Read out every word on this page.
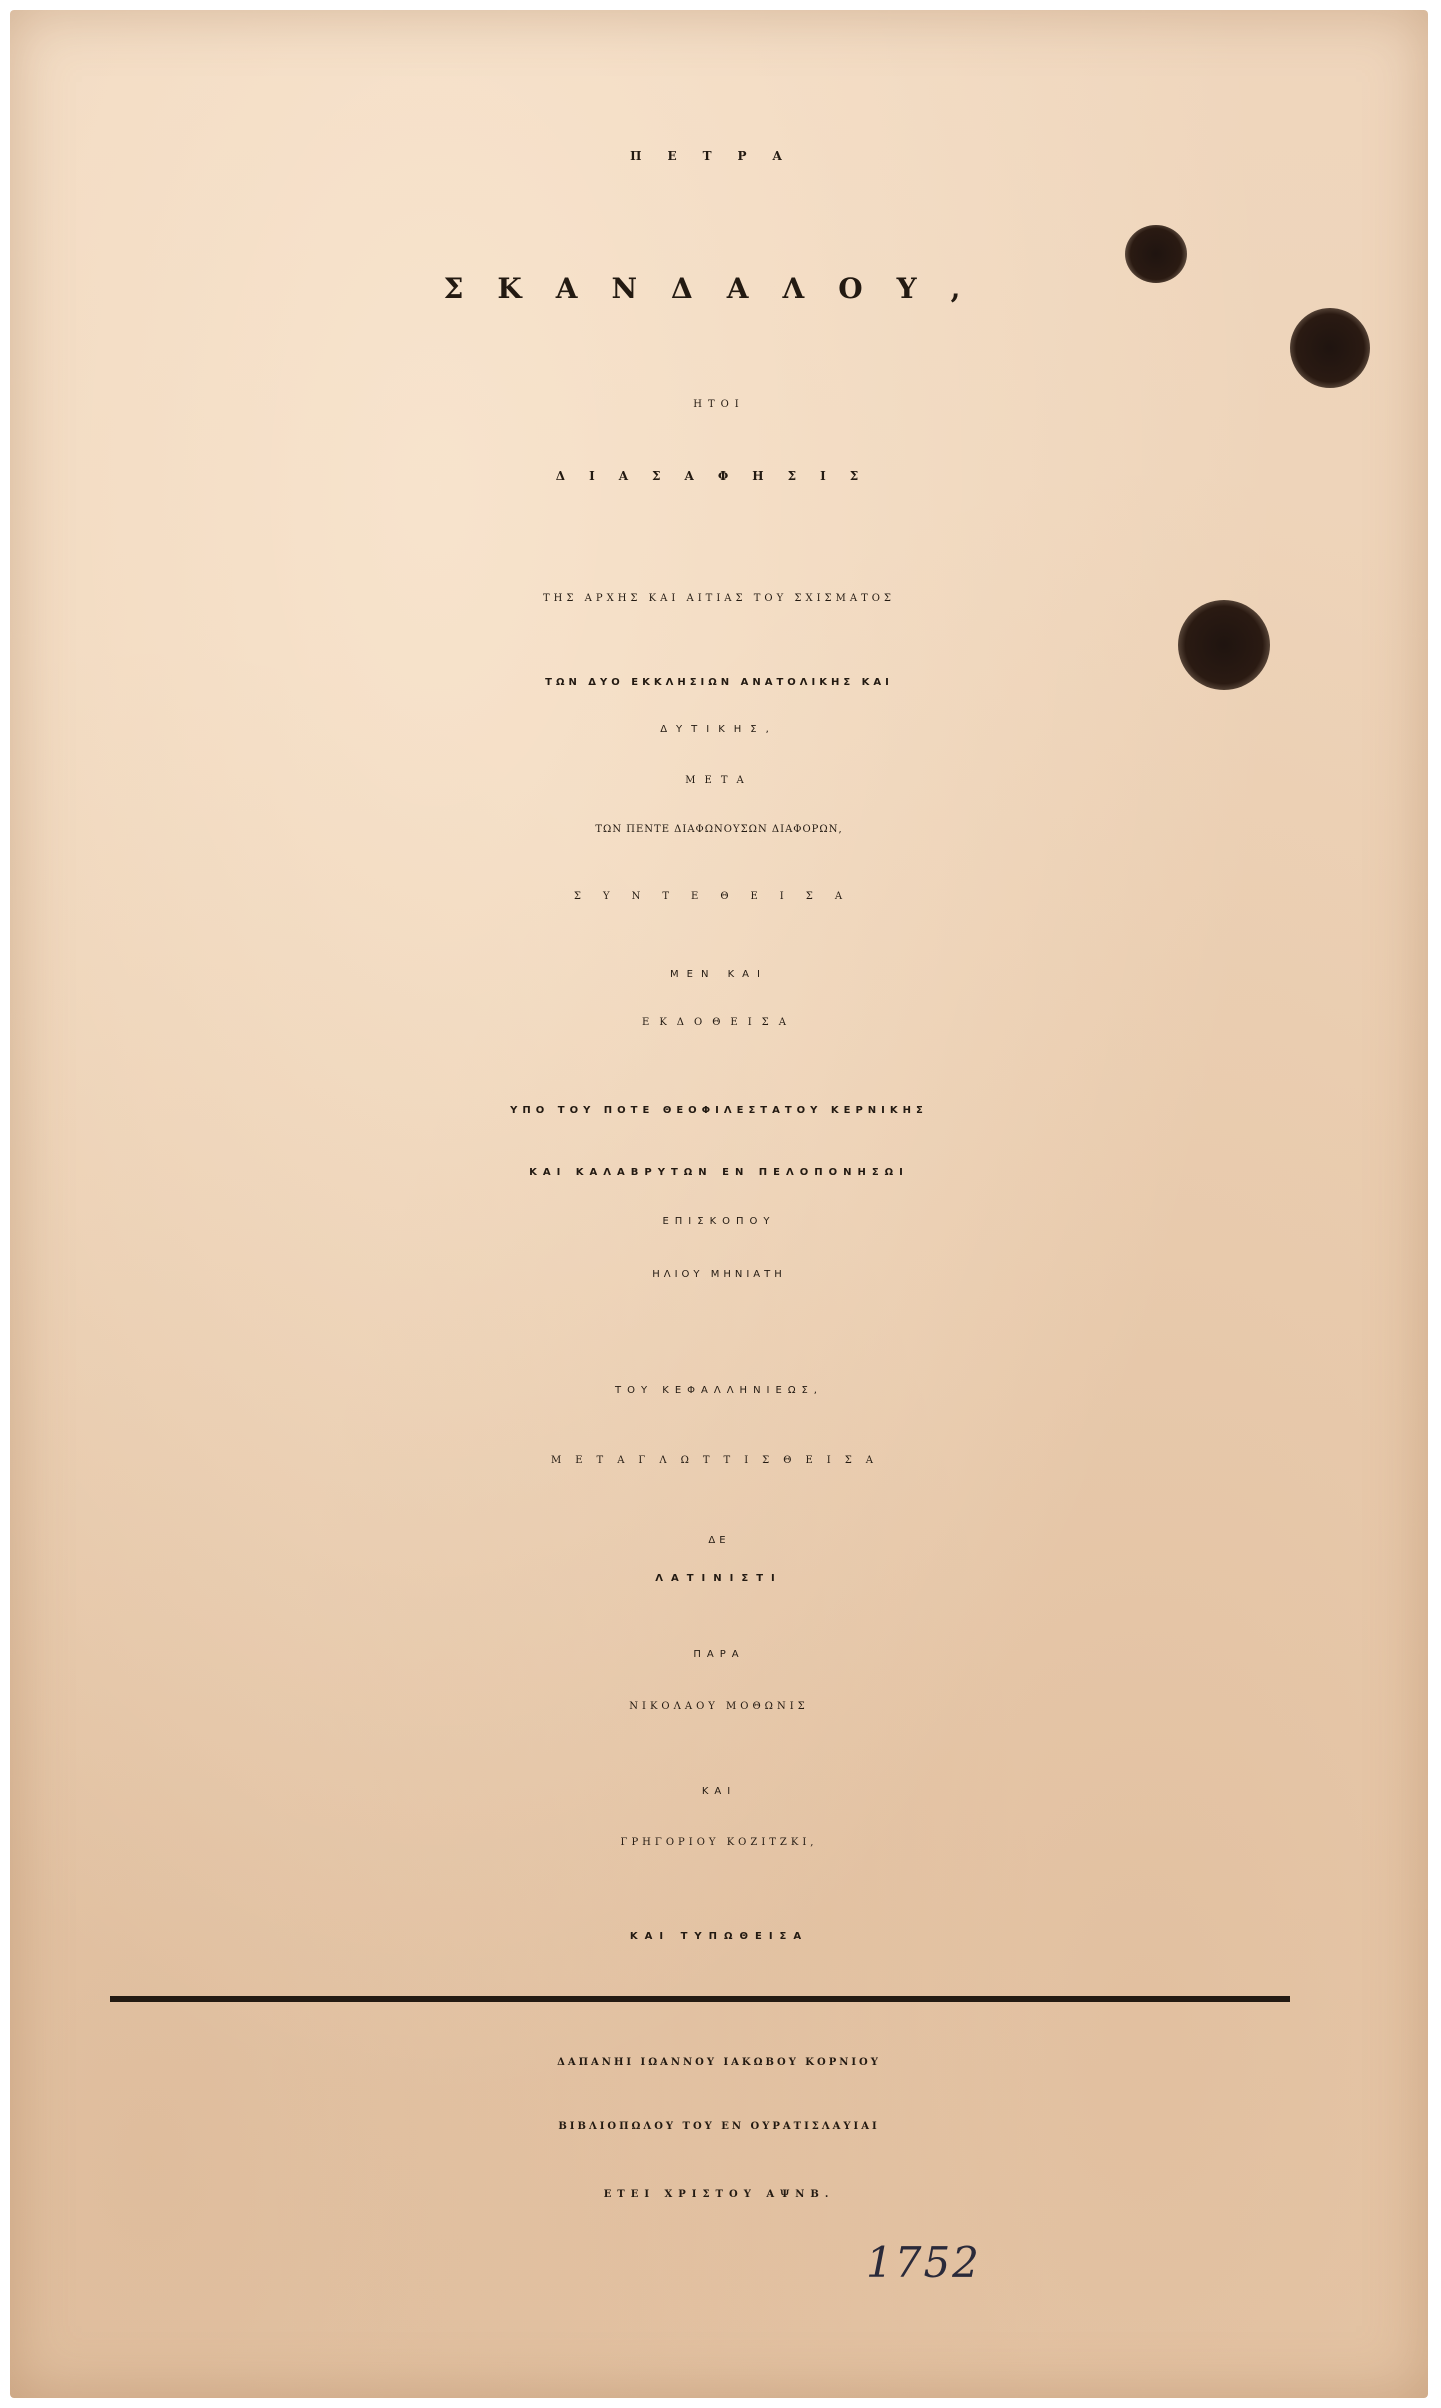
ΠΕΤΡΑ
ΣΚΑΝΔΑΛΟΥ,
ΗΤΟΙ
ΔΙΑΣΑΦΗΣΙΣ
ΤΗΣ ΑΡΧΗΣ ΚΑΙ ΑΙΤΙΑΣ ΤΟΥ ΣΧΙΣΜΑΤΟΣ
ΤΩΝ ΔΥΟ ΕΚΚΛΗΣΙΩΝ ΑΝΑΤΟΛΙΚΗΣ ΚΑΙ
ΔΥΤΙΚΗΣ,
ΜΕΤΑ
ΤΩΝ ΠΕΝΤΕ ΔΙΑΦΩΝΟΥΣΩΝ ΔΙΑΦΟΡΩΝ,
ΣΥΝΤΕΘΕΙΣΑ
ΜΕΝ ΚΑΙ
ΕΚΔΟΘΕΙΣΑ
ΥΠΟ ΤΟΥ ΠΟΤΕ ΘΕΟΦΙΛΕΣΤΑΤΟΥ ΚΕΡΝΙΚΗΣ
ΚΑΙ ΚΑΛΑΒΡΥΤΩΝ ΕΝ ΠΕΛΟΠΟΝΗΣΩΙ
ΕΠΙΣΚΟΠΟΥ
ΗΛΙΟΥ ΜΗΝΙΑΤΗ
ΤΟΥ ΚΕΦΑΛΛΗΝΙΕΩΣ,
ΜΕΤΑΓΛΩΤΤΙΣΘΕΙΣΑ
ΔΕ
ΛΑΤΙΝΙΣΤΙ
ΠΑΡΑ
ΝΙΚΟΛΑΟΥ ΜΟΘΩΝΙΣ
ΚΑΙ
ΓΡΗΓΟΡΙΟΥ ΚΟΖΙΤΖΚΙ,
ΚΑΙ ΤΥΠΩΘΕΙΣΑ
ΔΑΠΑΝΗΙ ΙΩΑΝΝΟΥ ΙΑΚΩΒΟΥ ΚΟΡΝΙΟΥ
ΒΙΒΛΙΟΠΩΛΟΥ ΤΟΥ ΕΝ ΟΥΡΑΤΙΣΛΑΥΙΑΙ
ΕΤΕΙ ΧΡΙΣΤΟΥ ΑΨΝΒ.
1752
